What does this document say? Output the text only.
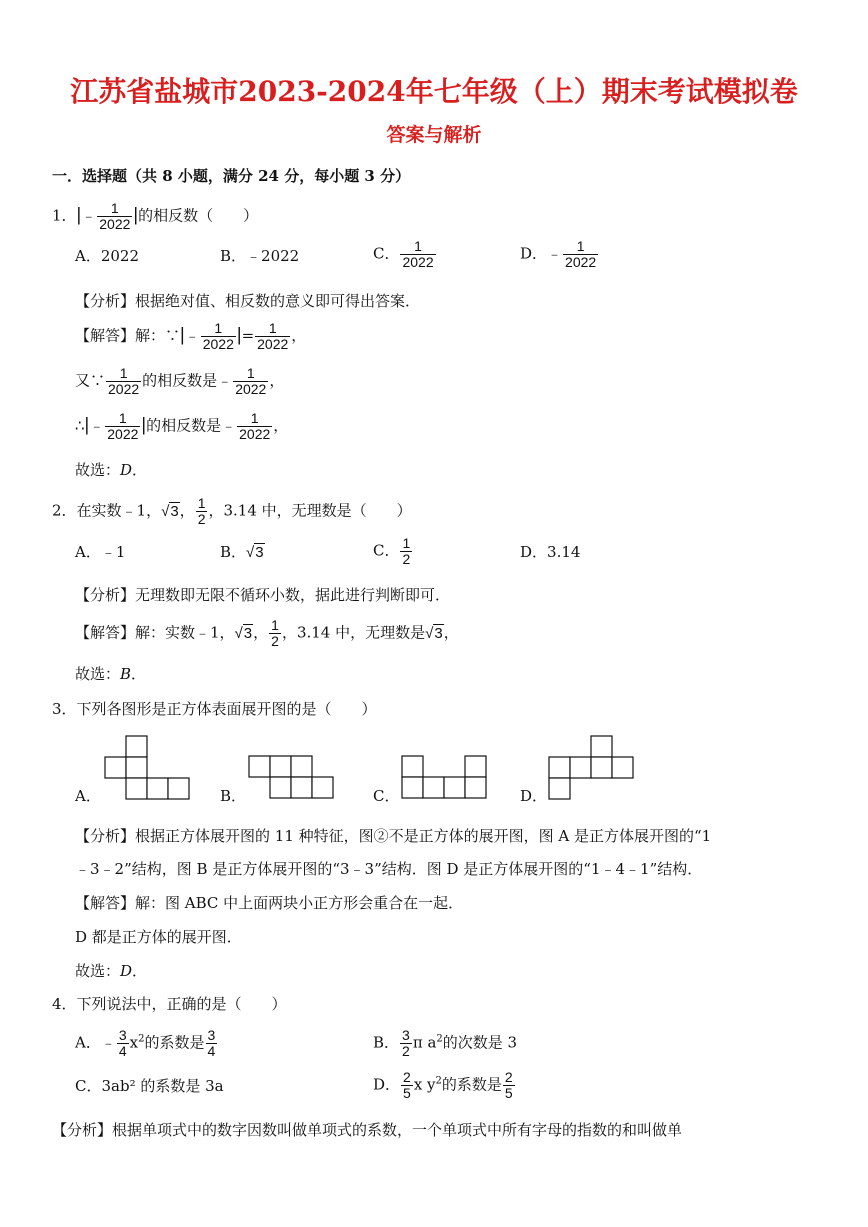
江苏省盐城市2023-2024年七年级（上）期末考试模拟卷
答案与解析
一．选择题（共 8 小题，满分 24 分，每小题 3 分）
1．|﹣ $\frac{1}{2022}$ |的相反数（　　）
A．2022	B．﹣2022	C． $\frac{1}{2022}$	D．﹣ $\frac{1}{2022}$
【分析】根据绝对值、相反数的意义即可得出答案．
【解答】解：∵|﹣ $\frac{1}{2022}$ |= $\frac{1}{2022}$ ，
又∵ $\frac{1}{2022}$ 的相反数是﹣ $\frac{1}{2022}$ ，
∴|﹣ $\frac{1}{2022}$ |的相反数是﹣ $\frac{1}{2022}$ ，
故选：D．
2．在实数﹣1，√3， $\frac{1}{2}$ ，3.14 中，无理数是（　　）
A．﹣1	B．√3	C． $\frac{1}{2}$	D．3.14
【分析】无理数即无限不循环小数，据此进行判断即可．
【解答】解：实数﹣1，√3， $\frac{1}{2}$ ，3.14 中，无理数是√3，
故选：B．
3．下列各图形是正方体表面展开图的是（　　）
A．	B．	C．	D．
【分析】根据正方体展开图的 11 种特征，图②不是正方体的展开图，图 A 是正方体展开图的“1
﹣3﹣2”结构，图 B 是正方体展开图的“3﹣3”结构．图 D 是正方体展开图的“1﹣4﹣1”结构．
【解答】解：图 ABC 中上面两块小正方形会重合在一起．
D 都是正方体的展开图．
故选：D．
4．下列说法中，正确的是（　　）
A．﹣ $\frac{3}{4} x^2$的系数是 $\frac{3}{4}$	B． $\frac{3}{2}$ π $a^2$的次数是 3
C．3ab² 的系数是 3a	D． $\frac{2}{5}$ x $y^2$的系数是 $\frac{2}{5}$
【分析】根据单项式中的数字因数叫做单项式的系数，一个单项式中所有字母的指数的和叫做单
